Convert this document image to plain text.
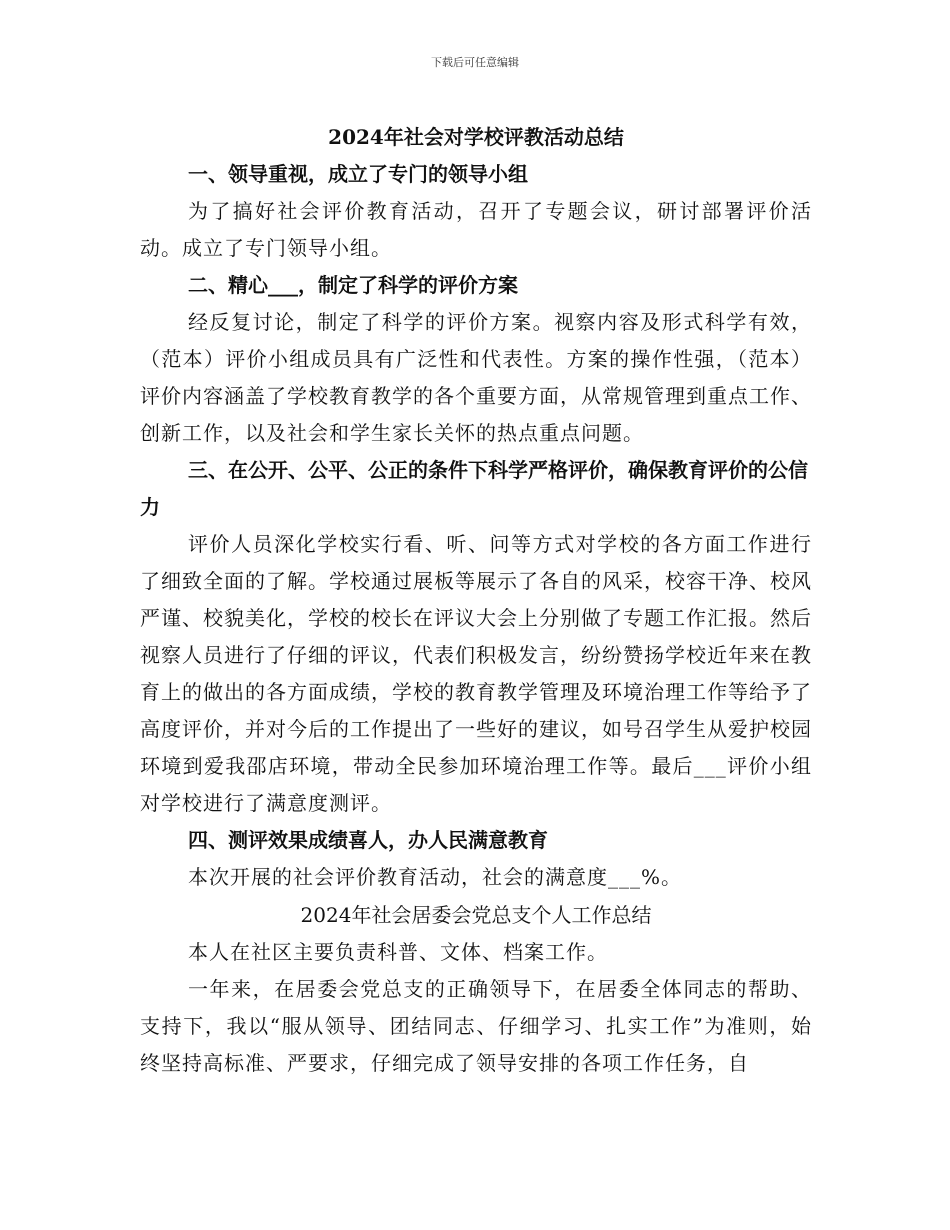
下载后可任意编辑
2024年社会对学校评教活动总结
一、领导重视，成立了专门的领导小组

为了搞好社会评价教育活动，召开了专题会议，研讨部署评价活动。成立了专门领导小组。

二、精心___，制定了科学的评价方案

经反复讨论，制定了科学的评价方案。视察内容及形式科学有效，（范本）评价小组成员具有广泛性和代表性。方案的操作性强，（范本）评价内容涵盖了学校教育教学的各个重要方面，从常规管理到重点工作、创新工作，以及社会和学生家长关怀的热点重点问题。

三、在公开、公平、公正的条件下科学严格评价，确保教育评价的公信力

评价人员深化学校实行看、听、问等方式对学校的各方面工作进行了细致全面的了解。学校通过展板等展示了各自的风采，校容干净、校风严谨、校貌美化，学校的校长在评议大会上分别做了专题工作汇报。然后视察人员进行了仔细的评议，代表们积极发言，纷纷赞扬学校近年来在教育上的做出的各方面成绩，学校的教育教学管理及环境治理工作等给予了高度评价，并对今后的工作提出了一些好的建议，如号召学生从爱护校园环境到爱我邵店环境，带动全民参加环境治理工作等。最后___评价小组对学校进行了满意度测评。

四、测评效果成绩喜人，办人民满意教育

本次开展的社会评价教育活动，社会的满意度___%。

2024年社会居委会党总支个人工作总结

本人在社区主要负责科普、文体、档案工作。

一年来，在居委会党总支的正确领导下，在居委全体同志的帮助、支持下，我以“服从领导、团结同志、仔细学习、扎实工作”为准则，始终坚持高标准、严要求，仔细完成了领导安排的各项工作任务，自
